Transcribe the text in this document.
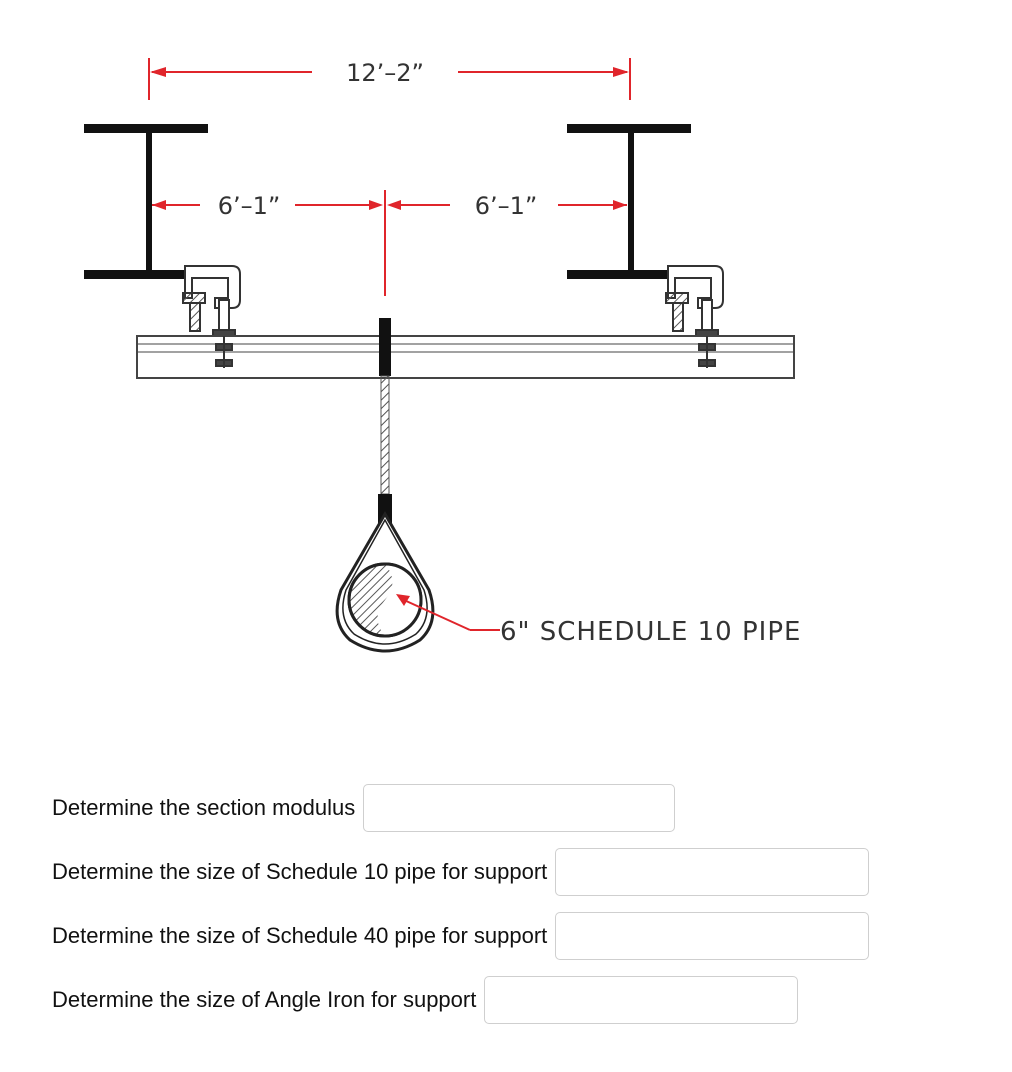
12’–2”
6’–1”	6’–1”
6" SCHEDULE 10 PIPE
Determine the section modulus
Determine the size of Schedule 10 pipe for support
Determine the size of Schedule 40 pipe for support
Determine the size of Angle Iron for support
